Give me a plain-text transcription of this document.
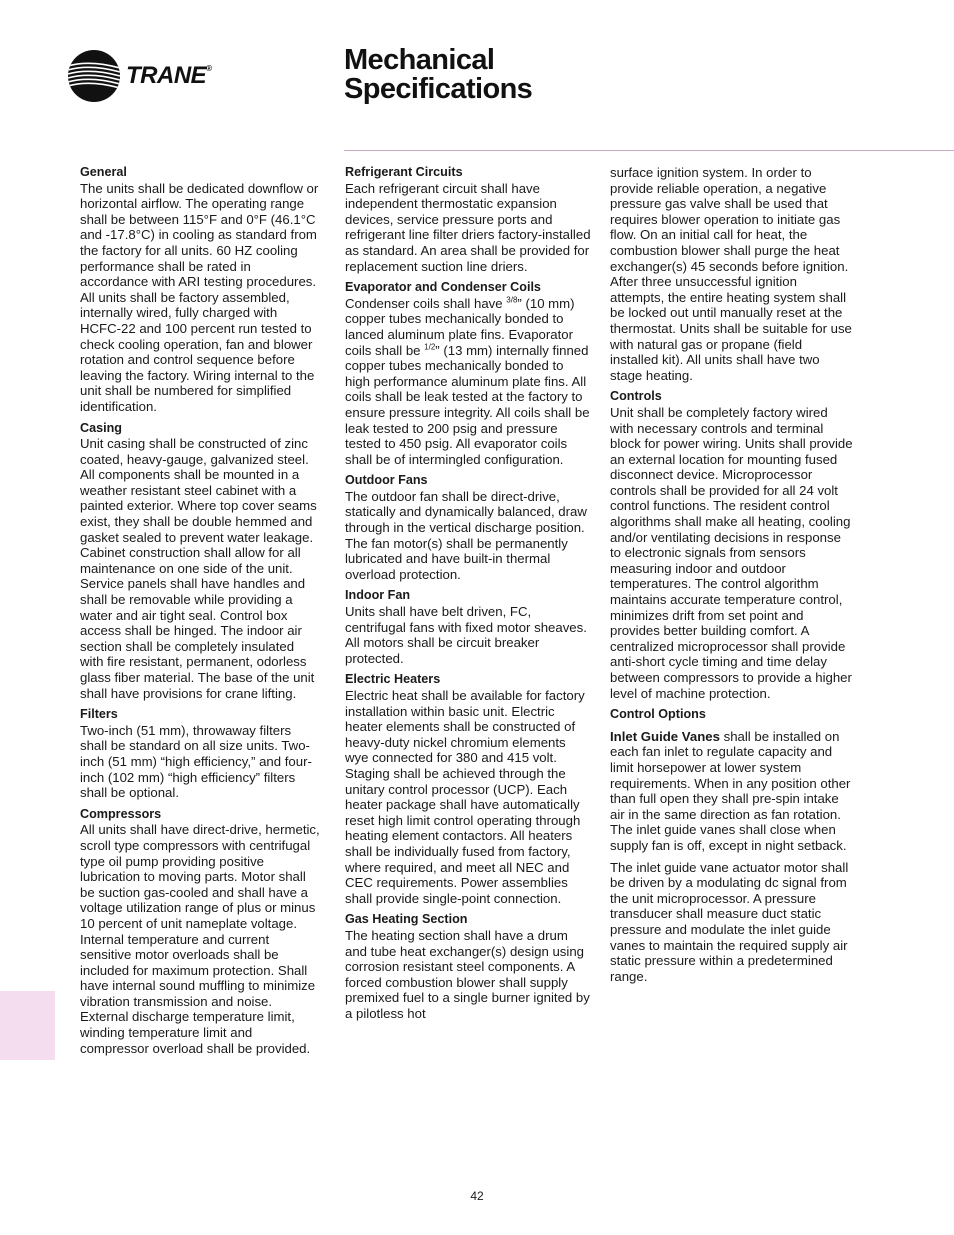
TRANE®	Mechanical
Specifications
General

The units shall be dedicated downflow or horizontal airflow. The operating range shall be between 115°F and 0°F (46.1°C and -17.8°C) in cooling as standard from the factory for all units. 60 HZ cooling performance shall be rated in accordance with ARI testing procedures. All units shall be factory assembled, internally wired, fully charged with HCFC-22 and 100 percent run tested to check cooling operation, fan and blower rotation and control sequence before leaving the factory. Wiring internal to the unit shall be numbered for simplified identification.

Casing

Unit casing shall be constructed of zinc coated, heavy-gauge, galvanized steel. All components shall be mounted in a weather resistant steel cabinet with a painted exterior. Where top cover seams exist, they shall be double hemmed and gasket sealed to prevent water leakage. Cabinet construction shall allow for all maintenance on one side of the unit. Service panels shall have handles and shall be removable while providing a water and air tight seal. Control box access shall be hinged. The indoor air section shall be completely insulated with fire resistant, permanent, odorless glass fiber material. The base of the unit shall have provisions for crane lifting.

Filters

Two-inch (51 mm), throwaway filters shall be standard on all size units. Two-inch (51 mm) “high efficiency,” and four-inch (102 mm) “high efficiency” filters shall be optional.

Compressors

All units shall have direct-drive, hermetic, scroll type compressors with centrifugal type oil pump providing positive lubrication to moving parts. Motor shall be suction gas-cooled and shall have a voltage utilization range of plus or minus 10 percent of unit nameplate voltage. Internal temperature and current sensitive motor overloads shall be included for maximum protection. Shall have internal sound muffling to minimize vibration transmission and noise. External discharge temperature limit, winding temperature limit and compressor overload shall be provided.

Refrigerant Circuits

Each refrigerant circuit shall have independent thermostatic expansion devices, service pressure ports and refrigerant line filter driers factory-installed as standard. An area shall be provided for replacement suction line driers.

Evaporator and Condenser Coils

Condenser coils shall have $^{3/8}$” (10 mm) copper tubes mechanically bonded to lanced aluminum plate fins. Evaporator coils shall be $^{1/2}$” (13 mm) internally finned copper tubes mechanically bonded to high performance aluminum plate fins. All coils shall be leak tested at the factory to ensure pressure integrity. All coils shall be leak tested to 200 psig and pressure tested to 450 psig. All evaporator coils shall be of intermingled configuration.

Outdoor Fans

The outdoor fan shall be direct-drive, statically and dynamically balanced, draw through in the vertical discharge position. The fan motor(s) shall be permanently lubricated and have built-in thermal overload protection.

Indoor Fan

Units shall have belt driven, FC, centrifugal fans with fixed motor sheaves. All motors shall be circuit breaker protected.

Electric Heaters

Electric heat shall be available for factory installation within basic unit. Electric heater elements shall be constructed of heavy-duty nickel chromium elements wye connected for 380 and 415 volt. Staging shall be achieved through the unitary control processor (UCP). Each heater package shall have automatically reset high limit control operating through heating element contactors. All heaters shall be individually fused from factory, where required, and meet all NEC and CEC requirements. Power assemblies shall provide single-point connection.

Gas Heating Section

The heating section shall have a drum and tube heat exchanger(s) design using corrosion resistant steel components. A forced combustion blower shall supply premixed fuel to a single burner ignited by a pilotless hot

surface ignition system. In order to provide reliable operation, a negative pressure gas valve shall be used that requires blower operation to initiate gas flow. On an initial call for heat, the combustion blower shall purge the heat exchanger(s) 45 seconds before ignition. After three unsuccessful ignition attempts, the entire heating system shall be locked out until manually reset at the thermostat. Units shall be suitable for use with natural gas or propane (field installed kit). All units shall have two stage heating.

Controls

Unit shall be completely factory wired with necessary controls and terminal block for power wiring. Units shall provide an external location for mounting fused disconnect device. Microprocessor controls shall be provided for all 24 volt control functions. The resident control algorithms shall make all heating, cooling and/or ventilating decisions in response to electronic signals from sensors measuring indoor and outdoor temperatures. The control algorithm maintains accurate temperature control, minimizes drift from set point and provides better building comfort. A centralized microprocessor shall provide anti-short cycle timing and time delay between compressors to provide a higher level of machine protection.

Control Options

Inlet Guide Vanes shall be installed on each fan inlet to regulate capacity and limit horsepower at lower system requirements. When in any position other than full open they shall pre-spin intake air in the same direction as fan rotation. The inlet guide vanes shall close when supply fan is off, except in night setback.

The inlet guide vane actuator motor shall be driven by a modulating dc signal from the unit microprocessor. A pressure transducer shall measure duct static pressure and modulate the inlet guide vanes to maintain the required supply air static pressure within a predetermined range.

42
